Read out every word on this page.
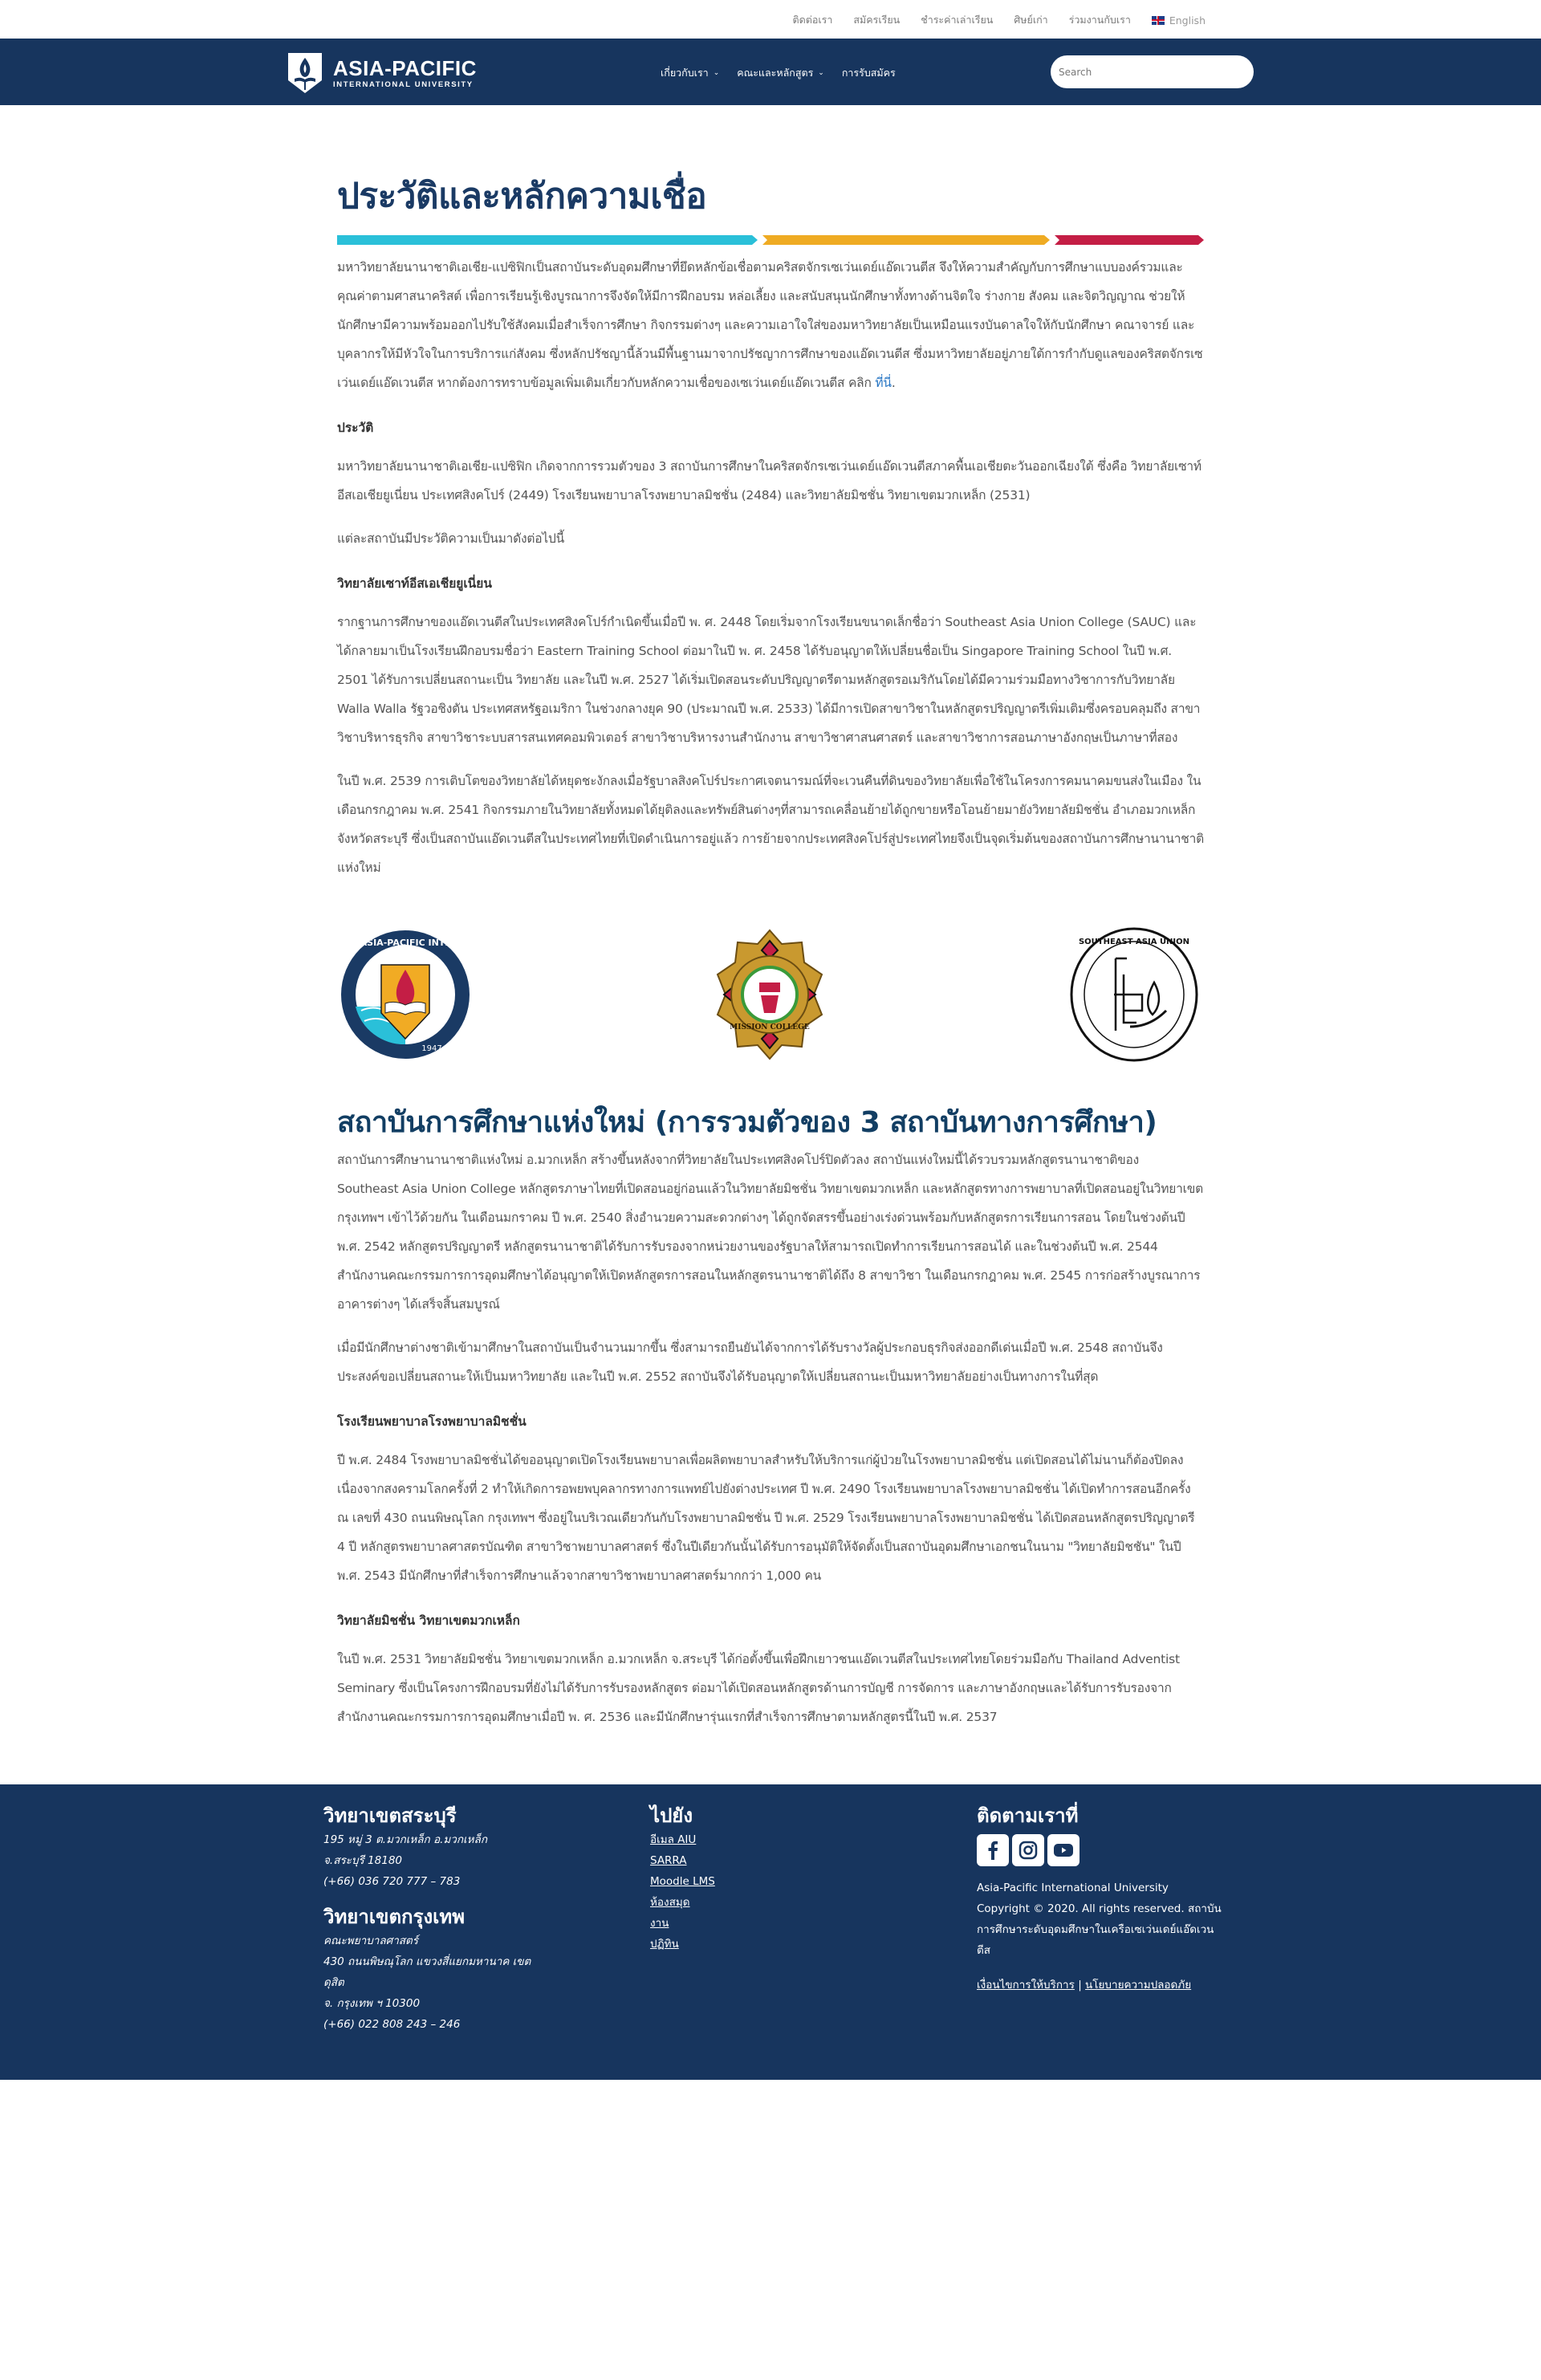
ติดต่อเรา สมัครเรียน ชำระค่าเล่าเรียน ศิษย์เก่า ร่วมงานกับเรา	English
ASIA-PACIFIC
INTERNATIONAL UNIVERSITY
เกี่ยวกับเรา ⌄ คณะและหลักสูตร ⌄ การรับสมัคร
Search
ประวัติและหลักความเชื่อ

มหาวิทยาลัยนานาชาติเอเชีย-แปซิฟิกเป็นสถาบันระดับอุดมศึกษาที่ยึดหลักข้อเชื่อตามคริสตจักรเซเว่นเดย์แอ๊ดเวนตีส จึงให้ความสำคัญกับการศึกษาแบบองค์รวมและคุณค่าตามศาสนาคริสต์ เพื่อการเรียนรู้เชิงบูรณาการจึงจัดให้มีการฝึกอบรม หล่อเลี้ยง และสนับสนุนนักศึกษาทั้งทางด้านจิตใจ ร่างกาย สังคม และจิตวิญญาณ ช่วยให้นักศึกษามีความพร้อมออกไปรับใช้สังคมเมื่อสำเร็จการศึกษา กิจกรรมต่างๆ และความเอาใจใส่ของมหาวิทยาลัยเป็นเหมือนแรงบันดาลใจให้กับนักศึกษา คณาจารย์ และบุคลากรให้มีหัวใจในการบริการแก่สังคม ซึ่งหลักปรัชญานี้ล้วนมีพื้นฐานมาจากปรัชญาการศึกษาของแอ๊ดเวนตีส ซึ่งมหาวิทยาลัยอยู่ภายใต้การกำกับดูแลของคริสตจักรเซเว่นเดย์แอ๊ดเวนตีส หากต้องการทราบข้อมูลเพิ่มเติมเกี่ยวกับหลักความเชื่อของเซเว่นเดย์แอ๊ดเวนตีส คลิก ที่นี่.

ประวัติ

มหาวิทยาลัยนานาชาติเอเชีย-แปซิฟิก เกิดจากการรวมตัวของ 3 สถาบันการศึกษาในคริสตจักรเซเว่นเดย์แอ๊ดเวนตีสภาคพื้นเอเชียตะวันออกเฉียงใต้ ซึ่งคือ วิทยาลัยเซาท์อีสเอเชียยูเนี่ยน ประเทศสิงคโปร์ (2449) โรงเรียนพยาบาลโรงพยาบาลมิชชั่น (2484) และวิทยาลัยมิชชั่น วิทยาเขตมวกเหล็ก (2531)

แต่ละสถาบันมีประวัติความเป็นมาดังต่อไปนี้

วิทยาลัยเซาท์อีสเอเชียยูเนี่ยน

รากฐานการศึกษาของแอ๊ดเวนตีสในประเทศสิงคโปร์กำเนิดขึ้นเมื่อปี พ. ศ. 2448 โดยเริ่มจากโรงเรียนขนาดเล็กชื่อว่า Southeast Asia Union College (SAUC) และได้กลายมาเป็นโรงเรียนฝึกอบรมชื่อว่า Eastern Training School ต่อมาในปี พ. ศ. 2458 ได้รับอนุญาตให้เปลี่ยนชื่อเป็น Singapore Training School ในปี พ.ศ. 2501 ได้รับการเปลี่ยนสถานะเป็น วิทยาลัย และในปี พ.ศ. 2527 ได้เริ่มเปิดสอนระดับปริญญาตรีตามหลักสูตรอเมริกันโดยได้มีความร่วมมือทางวิชาการกับวิทยาลัย Walla Walla รัฐวอชิงตัน ประเทศสหรัฐอเมริกา ในช่วงกลางยุค 90 (ประมาณปี พ.ศ. 2533) ได้มีการเปิดสาขาวิชาในหลักสูตรปริญญาตรีเพิ่มเติมซึ่งครอบคลุมถึง สาขาวิชาบริหารธุรกิจ สาขาวิชาระบบสารสนเทศคอมพิวเตอร์ สาขาวิชาบริหารงานสำนักงาน สาขาวิชาศาสนศาสตร์ และสาขาวิชาการสอนภาษาอังกฤษเป็นภาษาที่สอง

ในปี พ.ศ. 2539 การเติบโตของวิทยาลัยได้หยุดชะงักลงเมื่อรัฐบาลสิงคโปร์ประกาศเจตนารมณ์ที่จะเวนคืนที่ดินของวิทยาลัยเพื่อใช้ในโครงการคมนาคมขนส่งในเมือง ในเดือนกรกฎาคม พ.ศ. 2541 กิจกรรมภายในวิทยาลัยทั้งหมดได้ยุติลงและทรัพย์สินต่างๆที่สามารถเคลื่อนย้ายได้ถูกขายหรือโอนย้ายมายังวิทยาลัยมิชชั่น อำเภอมวกเหล็ก จังหวัดสระบุรี ซึ่งเป็นสถาบันแอ๊ดเวนตีสในประเทศไทยที่เปิดดำเนินการอยู่แล้ว การย้ายจากประเทศสิงคโปร์สู่ประเทศไทยจึงเป็นจุดเริ่มต้นของสถาบันการศึกษานานาชาติแห่งใหม่

ASIA-PACIFIC INTL
1947
MISSION COLLEGE
SOUTHEAST ASIA UNION
สถาบันการศึกษาแห่งใหม่ (การรวมตัวของ 3 สถาบันทางการศึกษา)

สถาบันการศึกษานานาชาติแห่งใหม่ อ.มวกเหล็ก สร้างขึ้นหลังจากที่วิทยาลัยในประเทศสิงคโปร์ปิดตัวลง สถาบันแห่งใหม่นี้ได้รวบรวมหลักสูตรนานาชาติของ Southeast Asia Union College หลักสูตรภาษาไทยที่เปิดสอนอยู่ก่อนแล้วในวิทยาลัยมิชชั่น วิทยาเขตมวกเหล็ก และหลักสูตรทางการพยาบาลที่เปิดสอนอยู่ในวิทยาเขตกรุงเทพฯ เข้าไว้ด้วยกัน ในเดือนมกราคม ปี พ.ศ. 2540 สิ่งอำนวยความสะดวกต่างๆ ได้ถูกจัดสรรขึ้นอย่างเร่งด่วนพร้อมกับหลักสูตรการเรียนการสอน โดยในช่วงต้นปี พ.ศ. 2542 หลักสูตรปริญญาตรี หลักสูตรนานาชาติได้รับการรับรองจากหน่วยงานของรัฐบาลให้สามารถเปิดทำการเรียนการสอนได้ และในช่วงต้นปี พ.ศ. 2544 สำนักงานคณะกรรมการการอุดมศึกษาได้อนุญาตให้เปิดหลักสูตรการสอนในหลักสูตรนานาชาติได้ถึง 8 สาขาวิชา ในเดือนกรกฎาคม พ.ศ. 2545 การก่อสร้างบูรณาการอาคารต่างๆ ได้เสร็จสิ้นสมบูรณ์

เมื่อมีนักศึกษาต่างชาติเข้ามาศึกษาในสถาบันเป็นจำนวนมากขึ้น ซึ่งสามารถยืนยันได้จากการได้รับรางวัลผู้ประกอบธุรกิจส่งออกดีเด่นเมื่อปี พ.ศ. 2548 สถาบันจึงประสงค์ขอเปลี่ยนสถานะให้เป็นมหาวิทยาลัย และในปี พ.ศ. 2552 สถาบันจึงได้รับอนุญาตให้เปลี่ยนสถานะเป็นมหาวิทยาลัยอย่างเป็นทางการในที่สุด

โรงเรียนพยาบาลโรงพยาบาลมิชชั่น

ปี พ.ศ. 2484 โรงพยาบาลมิชชั่นได้ขออนุญาตเปิดโรงเรียนพยาบาลเพื่อผลิตพยาบาลสำหรับให้บริการแก่ผู้ป่วยในโรงพยาบาลมิชชั่น แต่เปิดสอนได้ไม่นานก็ต้องปิดลงเนื่องจากสงครามโลกครั้งที่ 2 ทำให้เกิดการอพยพบุคลากรทางการแพทย์ไปยังต่างประเทศ ปี พ.ศ. 2490 โรงเรียนพยาบาลโรงพยาบาลมิชชั่น ได้เปิดทำการสอนอีกครั้ง ณ เลขที่ 430 ถนนพิษณุโลก กรุงเทพฯ ซึ่งอยู่ในบริเวณเดียวกันกับโรงพยาบาลมิชชั่น ปี พ.ศ. 2529 โรงเรียนพยาบาลโรงพยาบาลมิชชั่น ได้เปิดสอนหลักสูตรปริญญาตรี 4 ปี หลักสูตรพยาบาลศาสตรบัณฑิต สาขาวิชาพยาบาลศาสตร์ ซึ่งในปีเดียวกันนั้นได้รับการอนุมัติให้จัดตั้งเป็นสถาบันอุดมศึกษาเอกชนในนาม "วิทยาลัยมิชชัน" ในปี พ.ศ. 2543 มีนักศึกษาที่สำเร็จการศึกษาแล้วจากสาขาวิชาพยาบาลศาสตร์มากกว่า 1,000 คน

วิทยาลัยมิชชั่น วิทยาเขตมวกเหล็ก

ในปี พ.ศ. 2531 วิทยาลัยมิชชั่น วิทยาเขตมวกเหล็ก อ.มวกเหล็ก จ.สระบุรี ได้ก่อตั้งขึ้นเพื่อฝึกเยาวชนแอ๊ดเวนตีสในประเทศไทยโดยร่วมมือกับ Thailand Adventist Seminary ซึ่งเป็นโครงการฝึกอบรมที่ยังไม่ได้รับการรับรองหลักสูตร ต่อมาได้เปิดสอนหลักสูตรด้านการบัญชี การจัดการ และภาษาอังกฤษและได้รับการรับรองจากสำนักงานคณะกรรมการการอุดมศึกษาเมื่อปี พ. ศ. 2536 และมีนักศึกษารุ่นแรกที่สำเร็จการศึกษาตามหลักสูตรนี้ในปี พ.ศ. 2537

วิทยาเขตสระบุรี
195 หมู่ 3 ต.มวกเหล็ก อ.มวกเหล็ก
จ.สระบุรี 18180
(+66) 036 720 777 – 783
วิทยาเขตกรุงเทพ
คณะพยาบาลศาสตร์
430 ถนนพิษณุโลก แขวงสี่แยกมหานาค เขต
ดุสิต
จ. กรุงเทพ ฯ 10300
(+66) 022 808 243 – 246
ไปยัง
อีเมล AIU
SARRA
Moodle LMS
ห้องสมุด
งาน
ปฏิทิน
ติดตามเราที่
Asia-Pacific International University
Copyright © 2020. All rights reserved. สถาบันการศึกษาระดับอุดมศึกษาในเครือเซเว่นเดย์แอ๊ดเวนตีส
เงื่อนไขการให้บริการ | นโยบายความปลอดภัย
